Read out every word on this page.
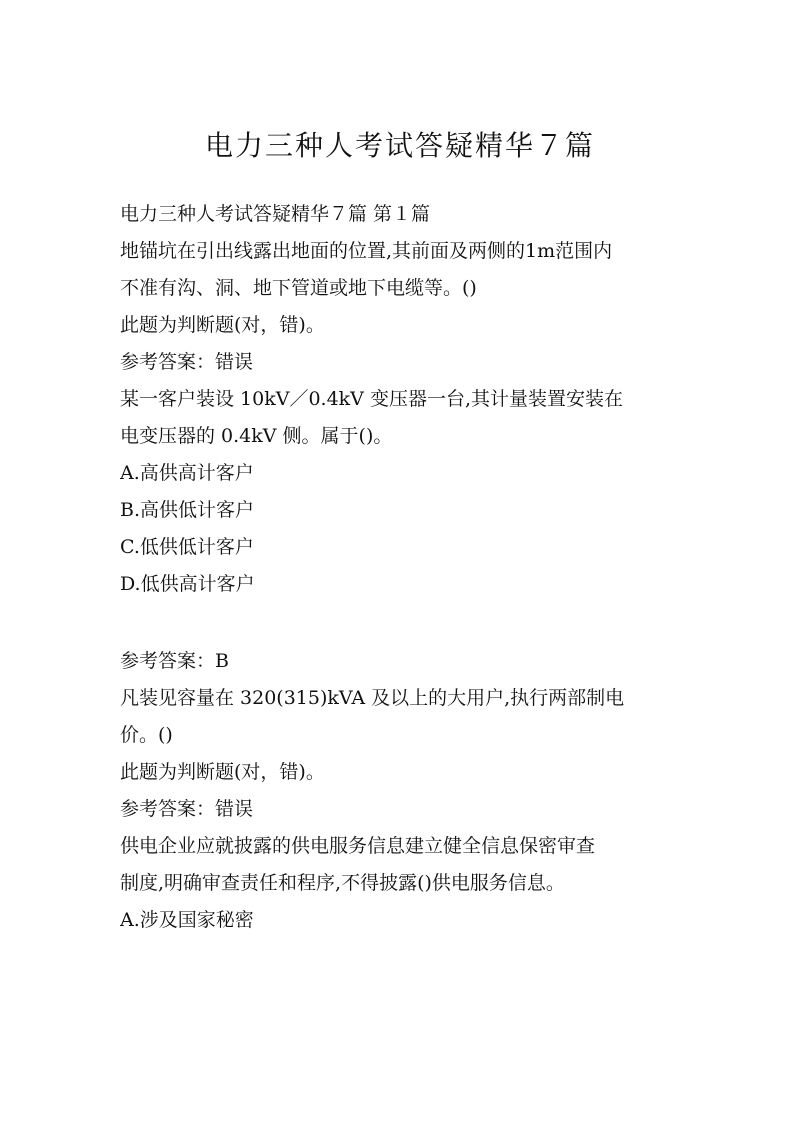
电力三种人考试答疑精华７篇
电力三种人考试答疑精华７篇 第１篇
地锚坑在引出线露出地面的位置,其前面及两侧的1m范围内
不准有沟、洞、地下管道或地下电缆等。()
此题为判断题(对，错)。
参考答案：错误
某一客户装设 10kV／0.4kV 变压器一台,其计量装置安装在
电变压器的 0.4kV 侧。属于()。
A.高供高计客户
B.高供低计客户
C.低供低计客户
D.低供高计客户
参考答案：B
凡装见容量在 320(315)kVA 及以上的大用户,执行两部制电
价。()
此题为判断题(对，错)。
参考答案：错误
供电企业应就披露的供电服务信息建立健全信息保密审查
制度,明确审查责任和程序,不得披露()供电服务信息。
A.涉及国家秘密
